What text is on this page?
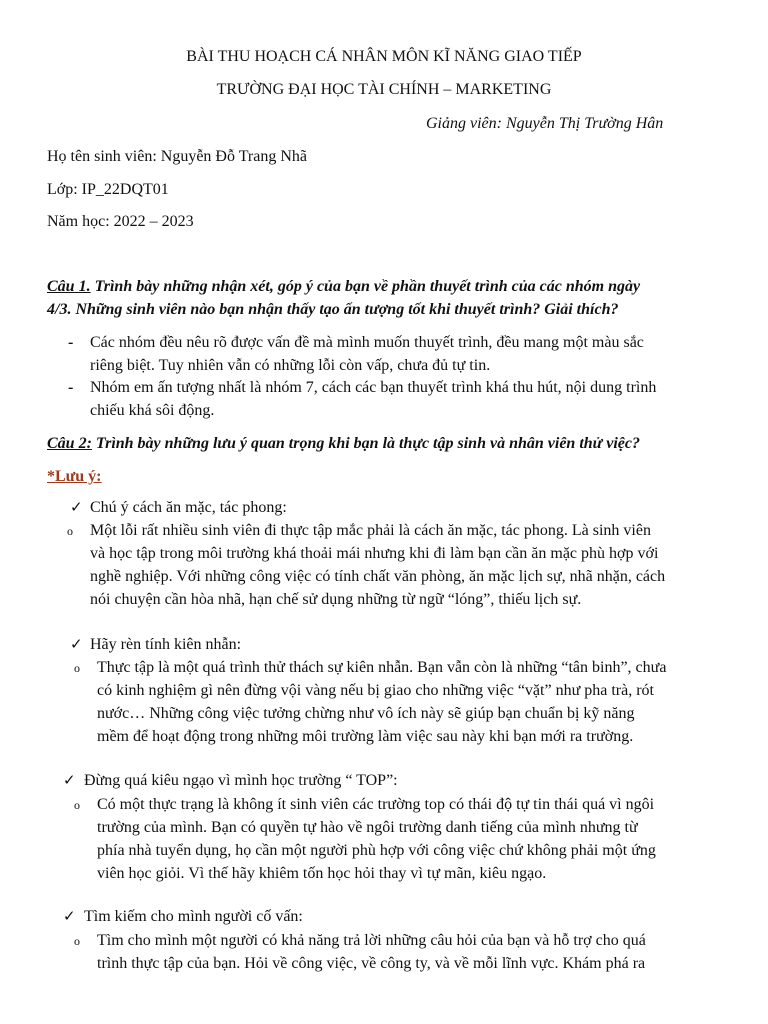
BÀI THU HOẠCH CÁ NHÂN MÔN KĨ NĂNG GIAO TIẾP
TRƯỜNG ĐẠI HỌC TÀI CHÍNH – MARKETING
Giảng viên: Nguyễn Thị Trường Hân
Họ tên sinh viên: Nguyễn Đỗ Trang Nhã
Lớp: IP_22DQT01
Năm học: 2022 – 2023
Câu 1. Trình bày những nhận xét, góp ý của bạn về phần thuyết trình của các nhóm ngày
4/3. Những sinh viên nào bạn nhận thấy tạo ấn tượng tốt khi thuyết trình? Giải thích?
- Các nhóm đều nêu rõ được vấn đề mà mình muốn thuyết trình, đều mang một màu sắc
riêng biệt. Tuy nhiên vẫn có những lỗi còn vấp, chưa đủ tự tin.
- Nhóm em ấn tượng nhất là nhóm 7, cách các bạn thuyết trình khá thu hút, nội dung trình
chiếu khá sôi động.
Câu 2: Trình bày những lưu ý quan trọng khi bạn là thực tập sinh và nhân viên thử việc?
*Lưu ý:
✓ Chú ý cách ăn mặc, tác phong:
o Một lỗi rất nhiều sinh viên đi thực tập mắc phải là cách ăn mặc, tác phong. Là sinh viên
và học tập trong môi trường khá thoải mái nhưng khi đi làm bạn cần ăn mặc phù hợp với
nghề nghiệp. Với những công việc có tính chất văn phòng, ăn mặc lịch sự, nhã nhặn, cách
nói chuyện cần hòa nhã, hạn chế sử dụng những từ ngữ “lóng”, thiếu lịch sự.
✓ Hãy rèn tính kiên nhẫn:
o Thực tập là một quá trình thử thách sự kiên nhẫn. Bạn vẫn còn là những “tân binh”, chưa
có kinh nghiệm gì nên đừng vội vàng nếu bị giao cho những việc “vặt” như pha trà, rót
nước… Những công việc tưởng chừng như vô ích này sẽ giúp bạn chuẩn bị kỹ năng
mềm để hoạt động trong những môi trường làm việc sau này khi bạn mới ra trường.
✓ Đừng quá kiêu ngạo vì mình học trường “ TOP”:
o Có một thực trạng là không ít sinh viên các trường top có thái độ tự tin thái quá vì ngôi
trường của mình. Bạn có quyền tự hào về ngôi trường danh tiếng của mình nhưng từ
phía nhà tuyển dụng, họ cần một người phù hợp với công việc chứ không phải một ứng
viên học giỏi. Vì thế hãy khiêm tốn học hỏi thay vì tự mãn, kiêu ngạo.
✓ Tìm kiếm cho mình người cố vấn:
o Tìm cho mình một người có khả năng trả lời những câu hỏi của bạn và hỗ trợ cho quá
trình thực tập của bạn. Hỏi về công việc, về công ty, và về mỗi lĩnh vực. Khám phá ra
